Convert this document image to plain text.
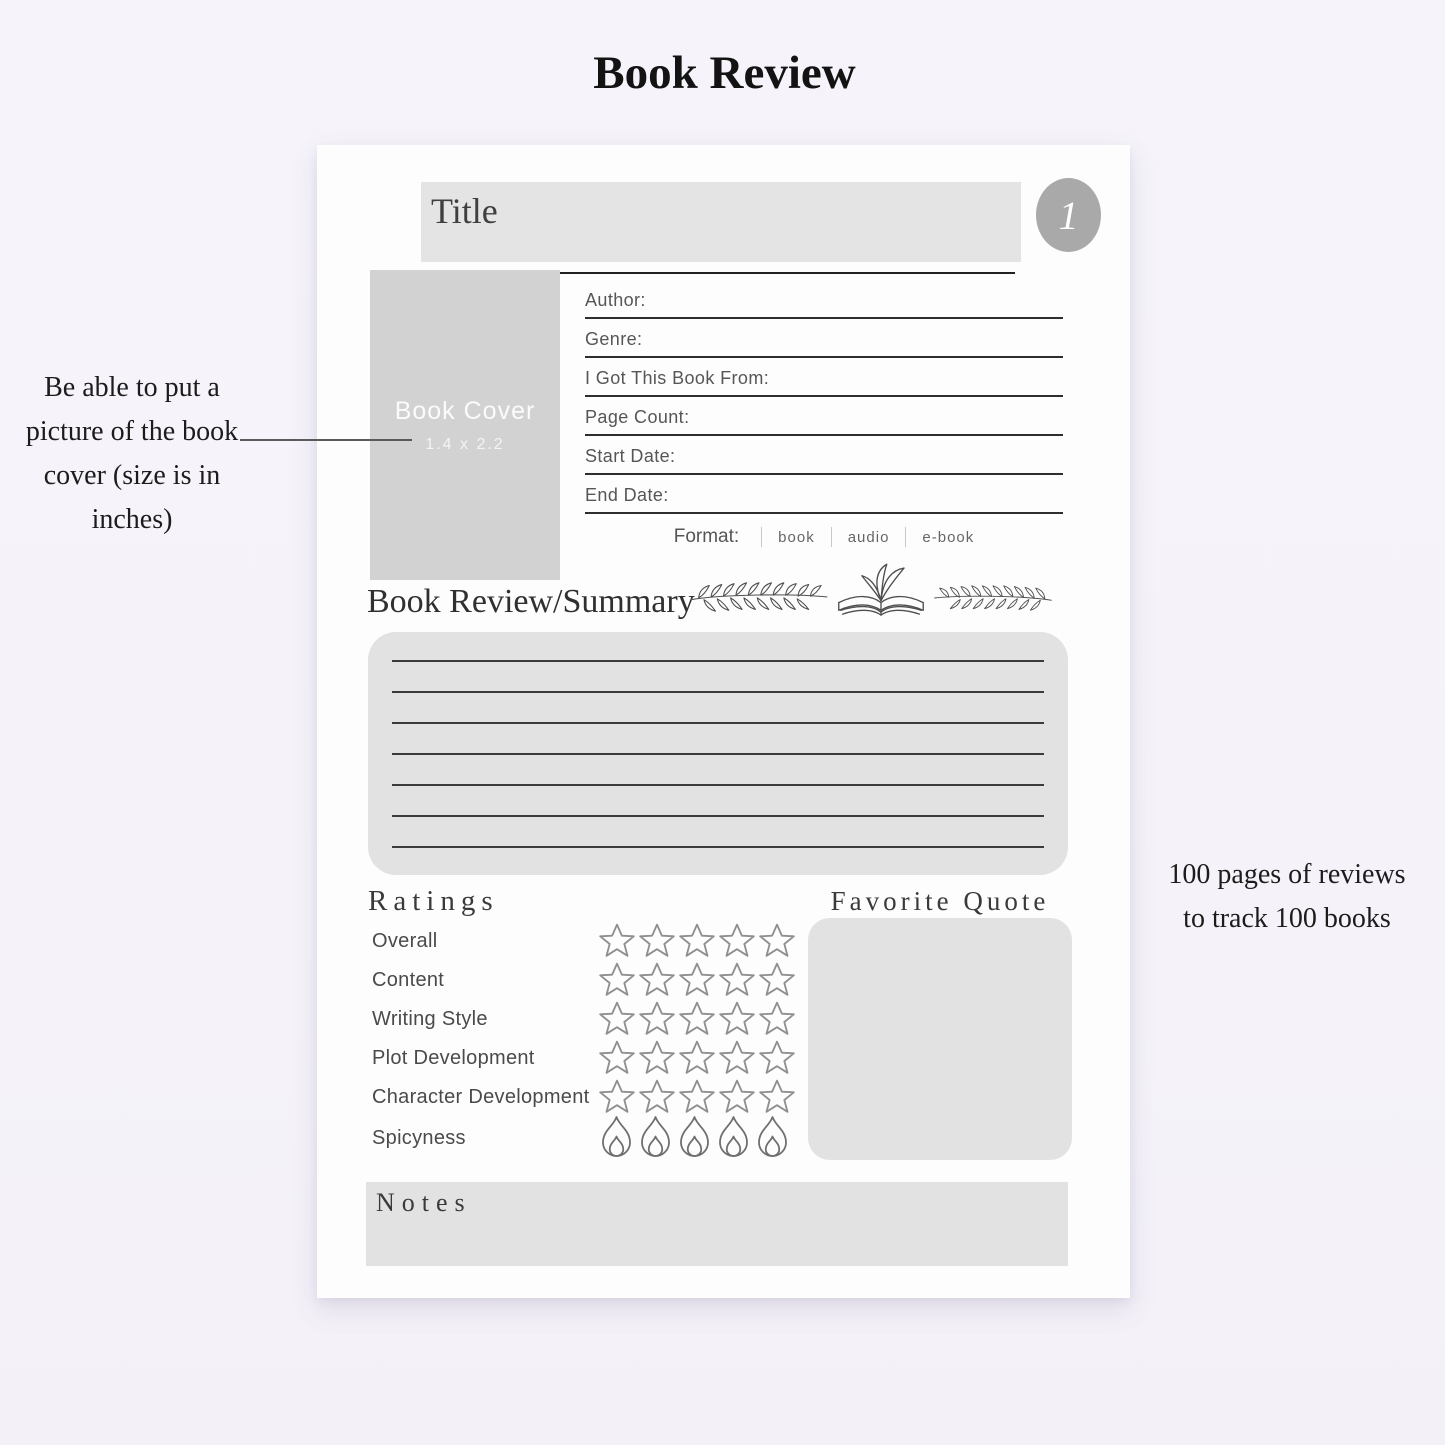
Book Review
Be able to put a picture of the book cover (size is in inches)
100 pages of reviews to track 100 books
Title	1
Book Cover
1.4 x 2.2
Author:
Genre:
I Got This Book From:
Page Count:
Start Date:
End Date:
Format:	book audio e-book
Book Review/Summary
Ratings
Overall
Content
Writing Style
Plot Development
Character Development
Spicyness
Favorite Quote
Notes
